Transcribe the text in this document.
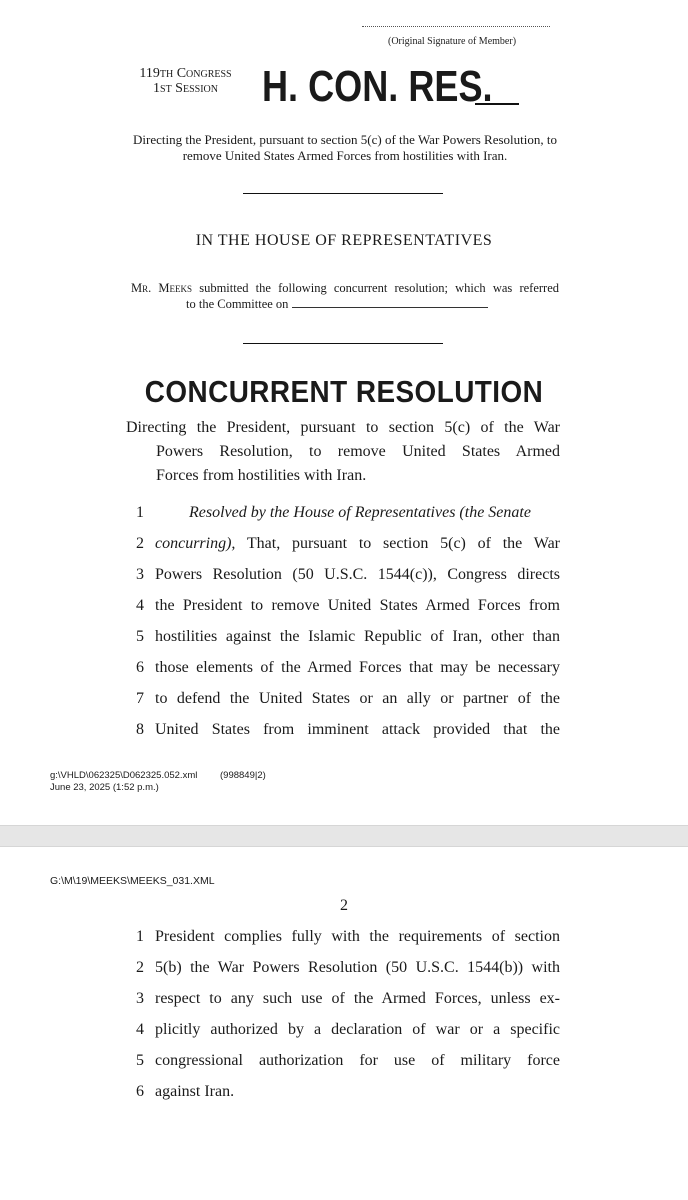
(Original Signature of Member)
119th Congress
1st Session	H. CON. RES.
Directing the President, pursuant to section 5(c) of the War Powers Resolution, to remove United States Armed Forces from hostilities with Iran.
IN THE HOUSE OF REPRESENTATIVES
Mr. Meeks submitted the following concurrent resolution; which was referred
to the Committee on
CONCURRENT RESOLUTION
Directing the President, pursuant to section 5(c) of the War
Powers Resolution, to remove United States Armed
Forces from hostilities with Iran.
1	Resolved by the House of Representatives (the Senate
2 concurring), That, pursuant to section 5(c) of the War
3 Powers Resolution (50 U.S.C. 1544(c)), Congress directs
4 the President to remove United States Armed Forces from
5 hostilities against the Islamic Republic of Iran, other than
6 those elements of the Armed Forces that may be necessary
7 to defend the United States or an ally or partner of the
8 United States from imminent attack provided that the
g:\VHLD\062325\D062325.052.xml (998849|2)
June 23, 2025 (1:52 p.m.)
G:\M\19\MEEKS\MEEKS_031.XML
2
1 President complies fully with the requirements of section
2 5(b) the War Powers Resolution (50 U.S.C. 1544(b)) with
3 respect to any such use of the Armed Forces, unless ex-
4 plicitly authorized by a declaration of war or a specific
5 congressional authorization for use of military force
6 against Iran.
